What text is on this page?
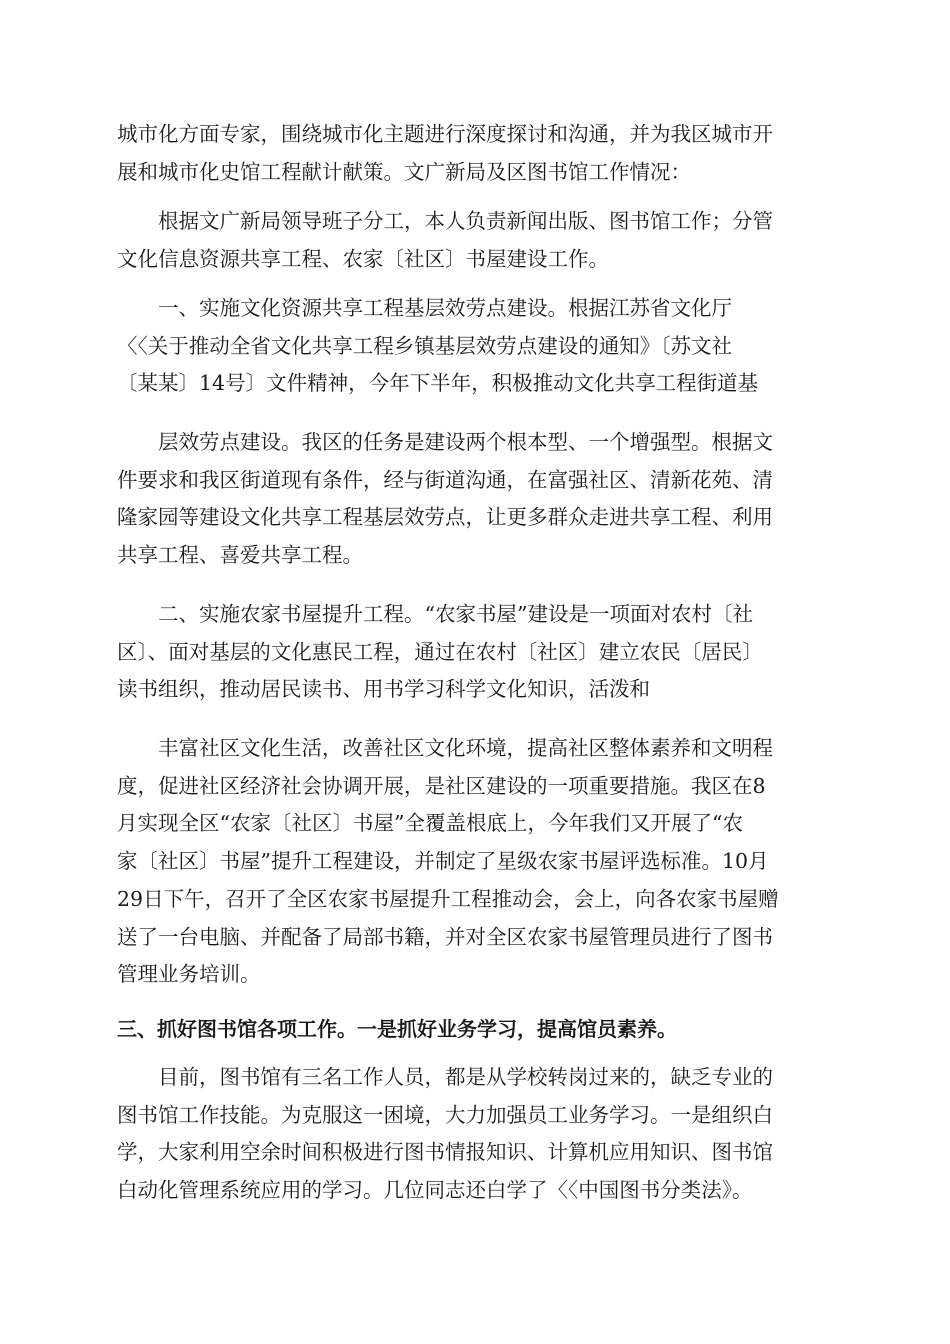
城市化方面专家，围绕城市化主题进行深度探讨和沟通，并为我区城市开
展和城市化史馆工程献计献策。文广新局及区图书馆工作情况：

根据文广新局领导班子分工，本人负责新闻出版、图书馆工作；分管
文化信息资源共享工程、农家〔社区〕书屋建设工作。

一、实施文化资源共享工程基层效劳点建设。根据江苏省文化厅
〈〈关于推动全省文化共享工程乡镇基层效劳点建设的通知》〔苏文社
〔某某〕14号〕文件精神，今年下半年，积极推动文化共享工程街道基

层效劳点建设。我区的任务是建设两个根本型、一个增强型。根据文
件要求和我区街道现有条件，经与街道沟通，在富强社区、清新花苑、清
隆家园等建设文化共享工程基层效劳点，让更多群众走进共享工程、利用
共享工程、喜爱共享工程。

二、实施农家书屋提升工程。“农家书屋”建设是一项面对农村〔社
区〕、面对基层的文化惠民工程，通过在农村〔社区〕建立农民〔居民〕
读书组织，推动居民读书、用书学习科学文化知识，活泼和

丰富社区文化生活，改善社区文化环境，提高社区整体素养和文明程
度，促进社区经济社会协调开展，是社区建设的一项重要措施。我区在8
月实现全区“农家〔社区〕书屋”全覆盖根底上，今年我们又开展了“农
家〔社区〕书屋”提升工程建设，并制定了星级农家书屋评选标准。10月
29日下午，召开了全区农家书屋提升工程推动会，会上，向各农家书屋赠
送了一台电脑、并配备了局部书籍，并对全区农家书屋管理员进行了图书
管理业务培训。

三、抓好图书馆各项工作。一是抓好业务学习，提高馆员素养。

目前，图书馆有三名工作人员，都是从学校转岗过来的，缺乏专业的
图书馆工作技能。为克服这一困境，大力加强员工业务学习。一是组织白
学，大家利用空余时间积极进行图书情报知识、计算机应用知识、图书馆
白动化管理系统应用的学习。几位同志还白学了〈〈中国图书分类法》。
